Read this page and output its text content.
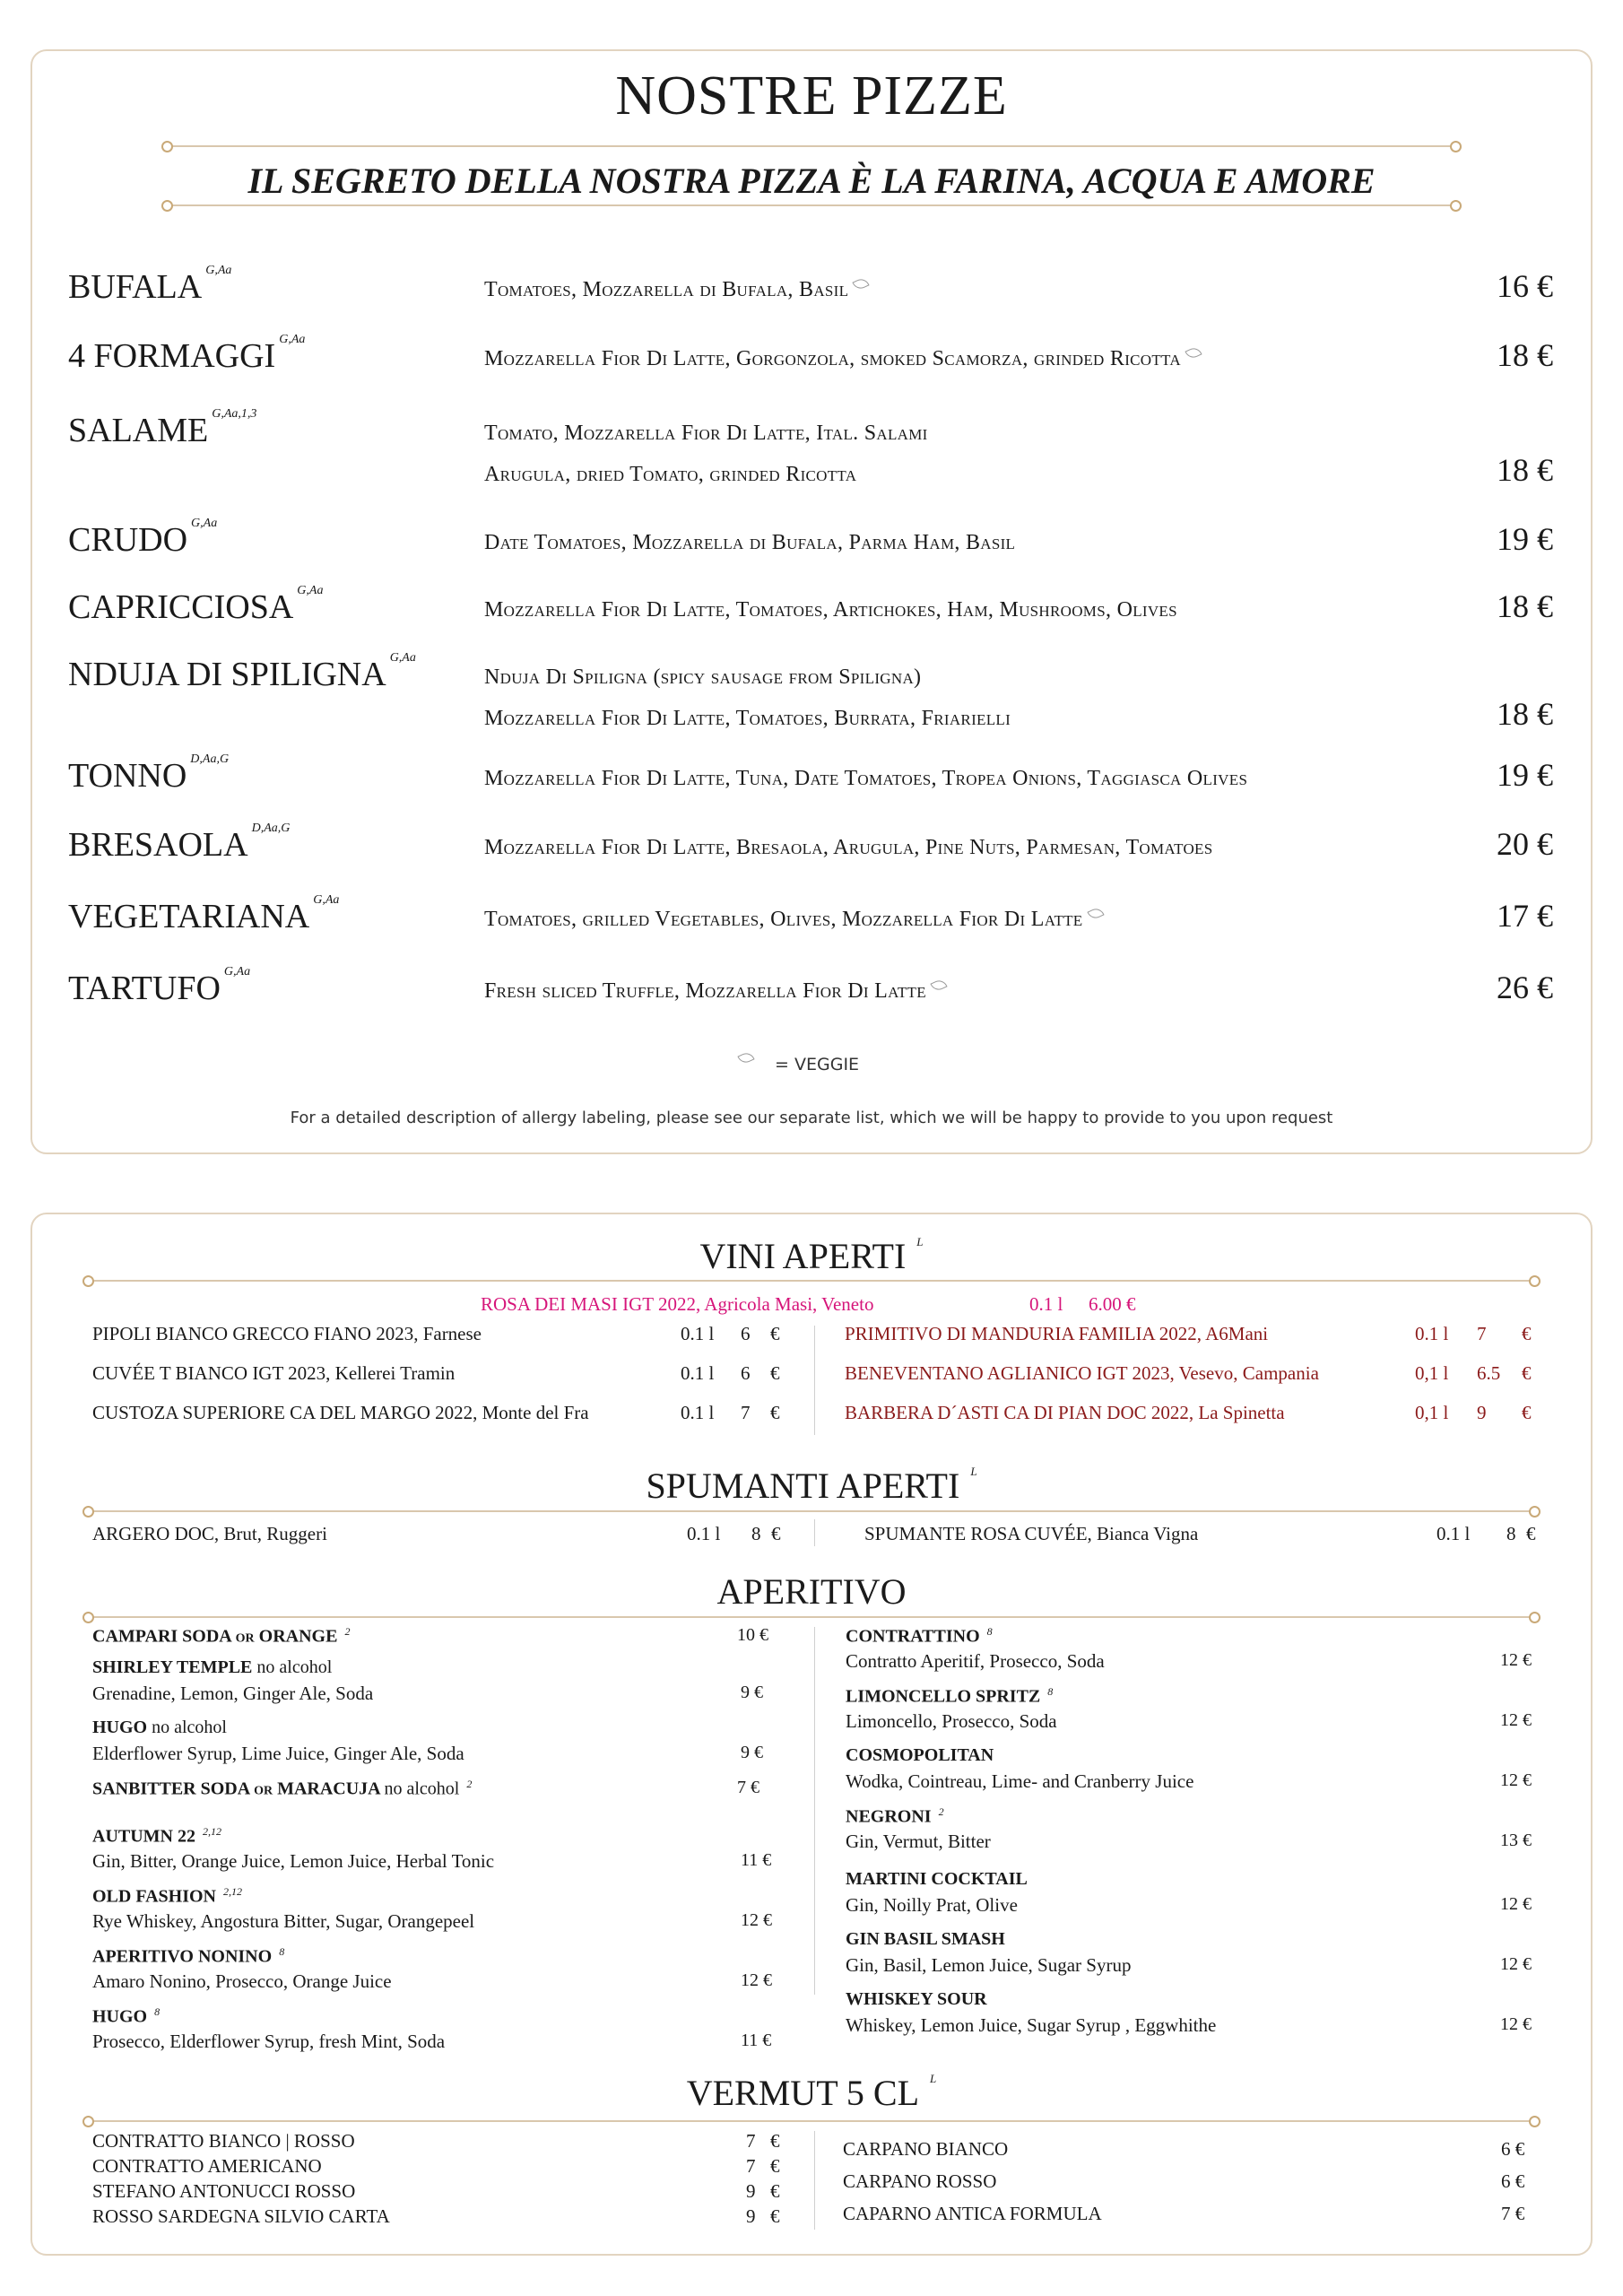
NOSTRE PIZZE
IL SEGRETO DELLA NOSTRA PIZZA È LA FARINA, ACQUA E AMORE
BUFALA $^{G,Aa}$
Tomatoes, Mozzarella di Bufala, Basil	16 €
4 FORMAGGI $^{G,Aa}$
Mozzarella Fior Di Latte, Gorgonzola, smoked Scamorza, grinded Ricotta	18 €
SALAME $^{G,Aa,1,3}$
Tomato, Mozzarella Fior Di Latte, Ital. Salami
Arugula, dried Tomato, grinded Ricotta	18 €
CRUDO $^{G,Aa}$
Date Tomatoes, Mozzarella di Bufala, Parma Ham, Basil	19 €
CAPRICCIOSA $^{G,Aa}$
Mozzarella Fior Di Latte, Tomatoes, Artichokes, Ham, Mushrooms, Olives	18 €
NDUJA DI SPILIGNA $^{G,Aa}$
Nduja Di Spiligna (spicy sausage from Spiligna)
Mozzarella Fior Di Latte, Tomatoes, Burrata, Friarielli	18 €
TONNO $^{D,Aa,G}$
Mozzarella Fior Di Latte, Tuna, Date Tomatoes, Tropea Onions, Taggiasca Olives	19 €
BRESAOLA $^{D,Aa,G}$
Mozzarella Fior Di Latte, Bresaola, Arugula, Pine Nuts, Parmesan, Tomatoes	20 €
VEGETARIANA $^{G,Aa}$
Tomatoes, grilled Vegetables, Olives, Mozzarella Fior Di Latte	17 €
TARTUFO $^{G,Aa}$
Fresh sliced Truffle, Mozzarella Fior Di Latte	26 €
= VEGGIE
For a detailed description of allergy labeling, please see our separate list, which we will be happy to provide to you upon request
VINI APERTI $^L$
ROSA DEI MASI IGT 2022, Agricola Masi, Veneto	0.1 l 6.00 €
PIPOLI BIANCO GRECCO FIANO 2023, Farnese	0.1 l 6 €
CUVÉE T BIANCO IGT 2023, Kellerei Tramin	0.1 l 6 €
CUSTOZA SUPERIORE CA DEL MARGO 2022, Monte del Fra	0.1 l 7 €
PRIMITIVO DI MANDURIA FAMILIA 2022, A6Mani	0.1 l 7 €
BENEVENTANO AGLIANICO IGT 2023, Vesevo, Campania	0,1 l 6.5 €
BARBERA D´ASTI CA DI PIAN DOC 2022, La Spinetta	0,1 l 9 €
SPUMANTI APERTI $^L$
ARGERO DOC, Brut, Ruggeri	0.1 l 8 €	SPUMANTE ROSA CUVÉE, Bianca Vigna	0.1 l 8 €
APERITIVO
CAMPARI SODA or ORANGE $^2$	10 €
SHIRLEY TEMPLE no alcohol
Grenadine, Lemon, Ginger Ale, Soda	9 €
HUGO no alcohol
Elderflower Syrup, Lime Juice, Ginger Ale, Soda	9 €
SANBITTER SODA or MARACUJA no alcohol $^2$	7 €
AUTUMN 22 $^{2,12}$
Gin, Bitter, Orange Juice, Lemon Juice, Herbal Tonic	11 €
OLD FASHION $^{2,12}$
Rye Whiskey, Angostura Bitter, Sugar, Orangepeel	12 €
APERITIVO NONINO $^8$
Amaro Nonino, Prosecco, Orange Juice	12 €
HUGO $^8$
Prosecco, Elderflower Syrup, fresh Mint, Soda	11 €
CONTRATTINO $^8$
Contratto Aperitif, Prosecco, Soda	12 €
LIMONCELLO SPRITZ $^8$
Limoncello, Prosecco, Soda	12 €
COSMOPOLITAN
Wodka, Cointreau, Lime- and Cranberry Juice	12 €
NEGRONI $^2$
Gin, Vermut, Bitter	13 €
MARTINI COCKTAIL
Gin, Noilly Prat, Olive	12 €
GIN BASIL SMASH
Gin, Basil, Lemon Juice, Sugar Syrup	12 €
WHISKEY SOUR
Whiskey, Lemon Juice, Sugar Syrup , Eggwhithe	12 €
VERMUT 5 CL $^L$
CONTRATTO BIANCO | ROSSO	7 €
CONTRATTO AMERICANO	7 €
STEFANO ANTONUCCI ROSSO	9 €
ROSSO SARDEGNA SILVIO CARTA	9 €
CARPANO BIANCO	6 €
CARPANO ROSSO	6 €
CAPARNO ANTICA FORMULA	7 €
